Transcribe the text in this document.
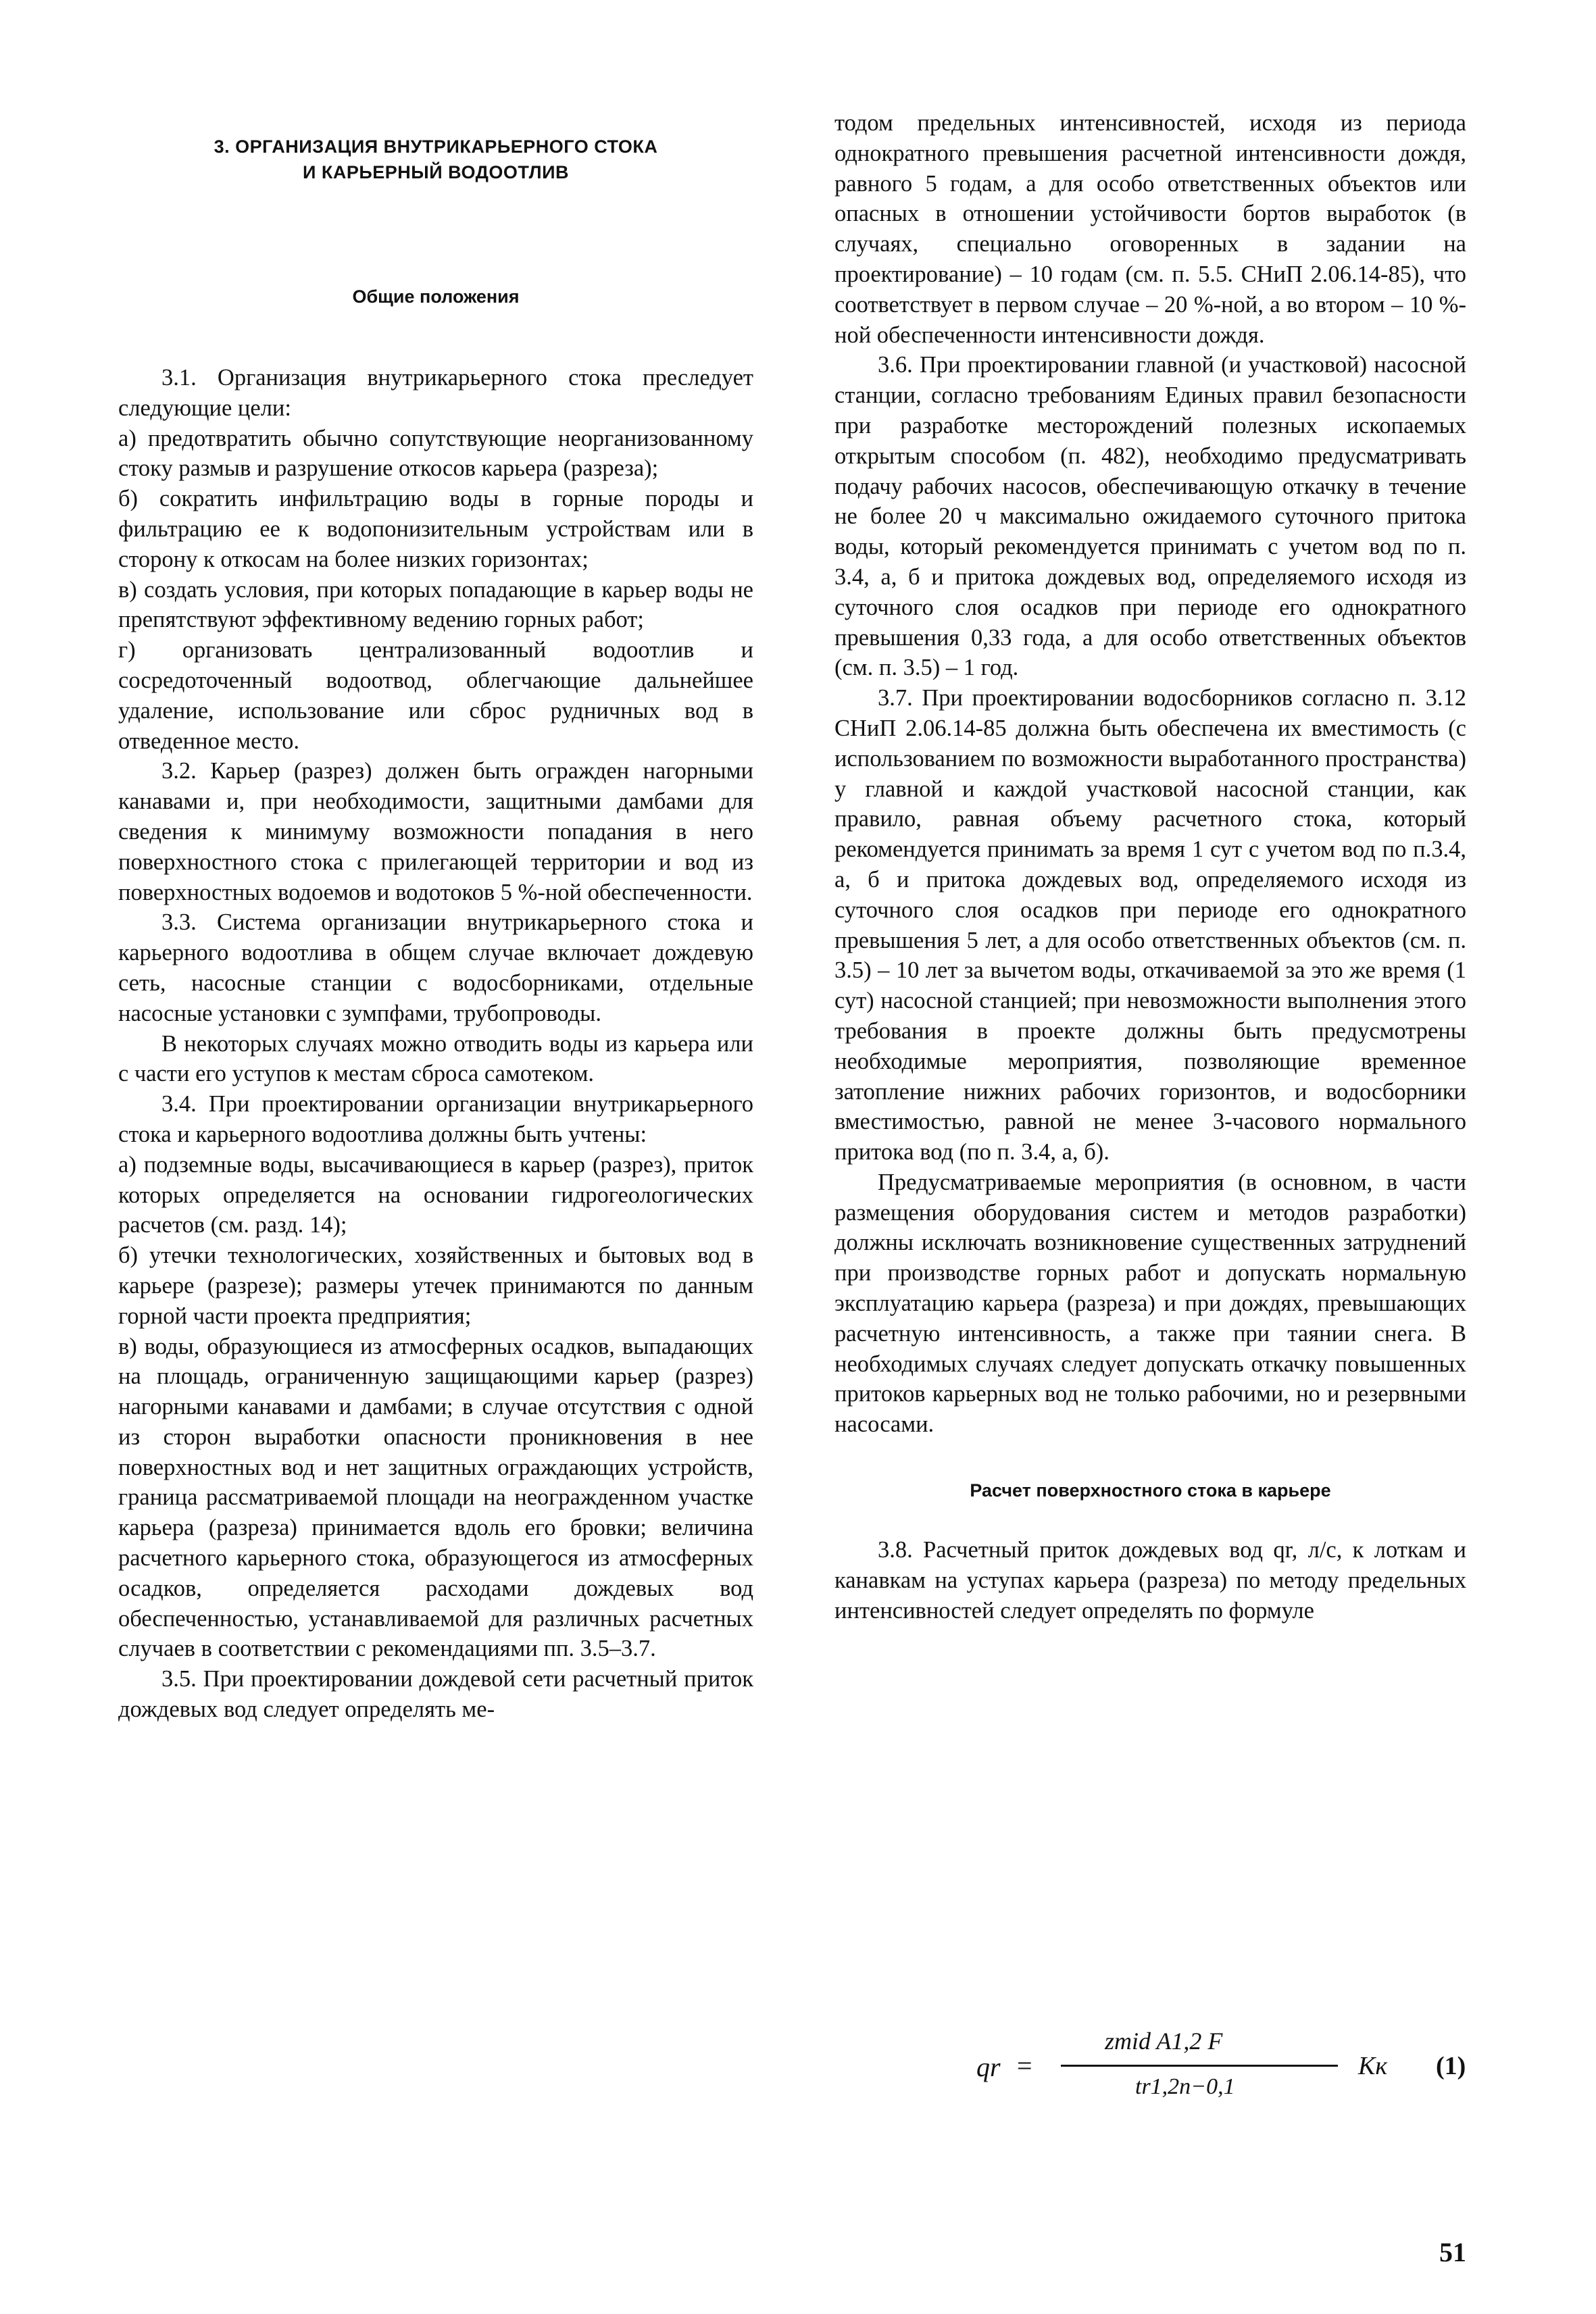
3. ОРГАНИЗАЦИЯ ВНУТРИКАРЬЕРНОГО СТОКА
И КАРЬЕРНЫЙ ВОДООТЛИВ
Общие положения

3.1. Организация внутрикарьерного стока преследует следующие цели:

а) предотвратить обычно сопутствующие неорганизованному стоку размыв и разрушение откосов карьера (разреза);

б) сократить инфильтрацию воды в горные породы и фильтрацию ее к водопонизительным устройствам или в сторону к откосам на более низких горизонтах;

в) создать условия, при которых попадающие в карьер воды не препятствуют эффективному ведению горных работ;

г) организовать централизованный водоотлив и сосредоточенный водоотвод, облегчающие дальнейшее удаление, использование или сброс рудничных вод в отведенное место.

3.2. Карьер (разрез) должен быть огражден нагорными канавами и, при необходимости, защитными дамбами для сведения к минимуму возможности попадания в него поверхностного стока с прилегающей территории и вод из поверхностных водоемов и водотоков 5 %-ной обеспеченности.

3.3. Система организации внутрикарьерного стока и карьерного водоотлива в общем случае включает дождевую сеть, насосные станции с водосборниками, отдельные насосные установки с зумпфами, трубопроводы.

В некоторых случаях можно отводить воды из карьера или с части его уступов к местам сброса самотеком.

3.4. При проектировании организации внутрикарьерного стока и карьерного водоотлива должны быть учтены:

а) подземные воды, высачивающиеся в карьер (разрез), приток которых определяется на основании гидрогеологических расчетов (см. разд. 14);

б) утечки технологических, хозяйственных и бытовых вод в карьере (разрезе); размеры утечек принимаются по данным горной части проекта предприятия;

в) воды, образующиеся из атмосферных осадков, выпадающих на площадь, ограниченную защищающими карьер (разрез) нагорными канавами и дамбами; в случае отсутствия с одной из сторон выработки опасности проникновения в нее поверхностных вод и нет защитных ограждающих устройств, граница рассматриваемой площади на неогражденном участке карьера (разреза) принимается вдоль его бровки; величина расчетного карьерного стока, образующегося из атмосферных осадков, определяется расходами дождевых вод обеспеченностью, устанавливаемой для различных расчетных случаев в соответствии с рекомендациями пп. 3.5–3.7.

3.5. При проектировании дождевой сети расчетный приток дождевых вод следует определять ме-

тодом предельных интенсивностей, исходя из периода однократного превышения расчетной интенсивности дождя, равного 5 годам, а для особо ответственных объектов или опасных в отношении устойчивости бортов выработок (в случаях, специально оговоренных в задании на проектирование) – 10 годам (см. п. 5.5. СНиП 2.06.14-85), что соответствует в первом случае – 20 %-ной, а во втором – 10 %-ной обеспеченности интенсивности дождя.

3.6. При проектировании главной (и участковой) насосной станции, согласно требованиям Единых правил безопасности при разработке месторождений полезных ископаемых открытым способом (п. 482), необходимо предусматривать подачу рабочих насосов, обеспечивающую откачку в течение не более 20 ч максимально ожидаемого суточного притока воды, который рекомендуется принимать с учетом вод по п. 3.4, а, б и притока дождевых вод, определяемого исходя из суточного слоя осадков при периоде его однократного превышения 0,33 года, а для особо ответственных объектов (см. п. 3.5) – 1 год.

3.7. При проектировании водосборников согласно п. 3.12 СНиП 2.06.14-85 должна быть обеспечена их вместимость (с использованием по возможности выработанного пространства) у главной и каждой участковой насосной станции, как правило, равная объему расчетного стока, который рекомендуется принимать за время 1 сут с учетом вод по п.3.4, а, б и притока дождевых вод, определяемого исходя из суточного слоя осадков при периоде его однократного превышения 5 лет, а для особо ответственных объектов (см. п. 3.5) – 10 лет за вычетом воды, откачиваемой за это же время (1 сут) насосной станцией; при невозможности выполнения этого требования в проекте должны быть предусмотрены необходимые мероприятия, позволяющие временное затопление нижних рабочих горизонтов, и водосборники вместимостью, равной не менее 3-часового нормального притока вод (по п. 3.4, а, б).

Предусматриваемые мероприятия (в основном, в части размещения оборудования систем и методов разработки) должны исключать возникновение существенных затруднений при производстве горных работ и допускать нормальную эксплуатацию карьера (разреза) и при дождях, превышающих расчетную интенсивность, а также при таянии снега. В необходимых случаях следует допускать откачку повышенных притоков карьерных вод не только рабочими, но и резервными насосами.

Расчет поверхностного стока в карьере

3.8. Расчетный приток дождевых вод qr, л/с, к лоткам и канавкам на уступах карьера (разреза) по методу предельных интенсивностей следует определять по формуле

qr =
zmid A1,2 F
tr1,2n−0,1
Kк (1)
51
